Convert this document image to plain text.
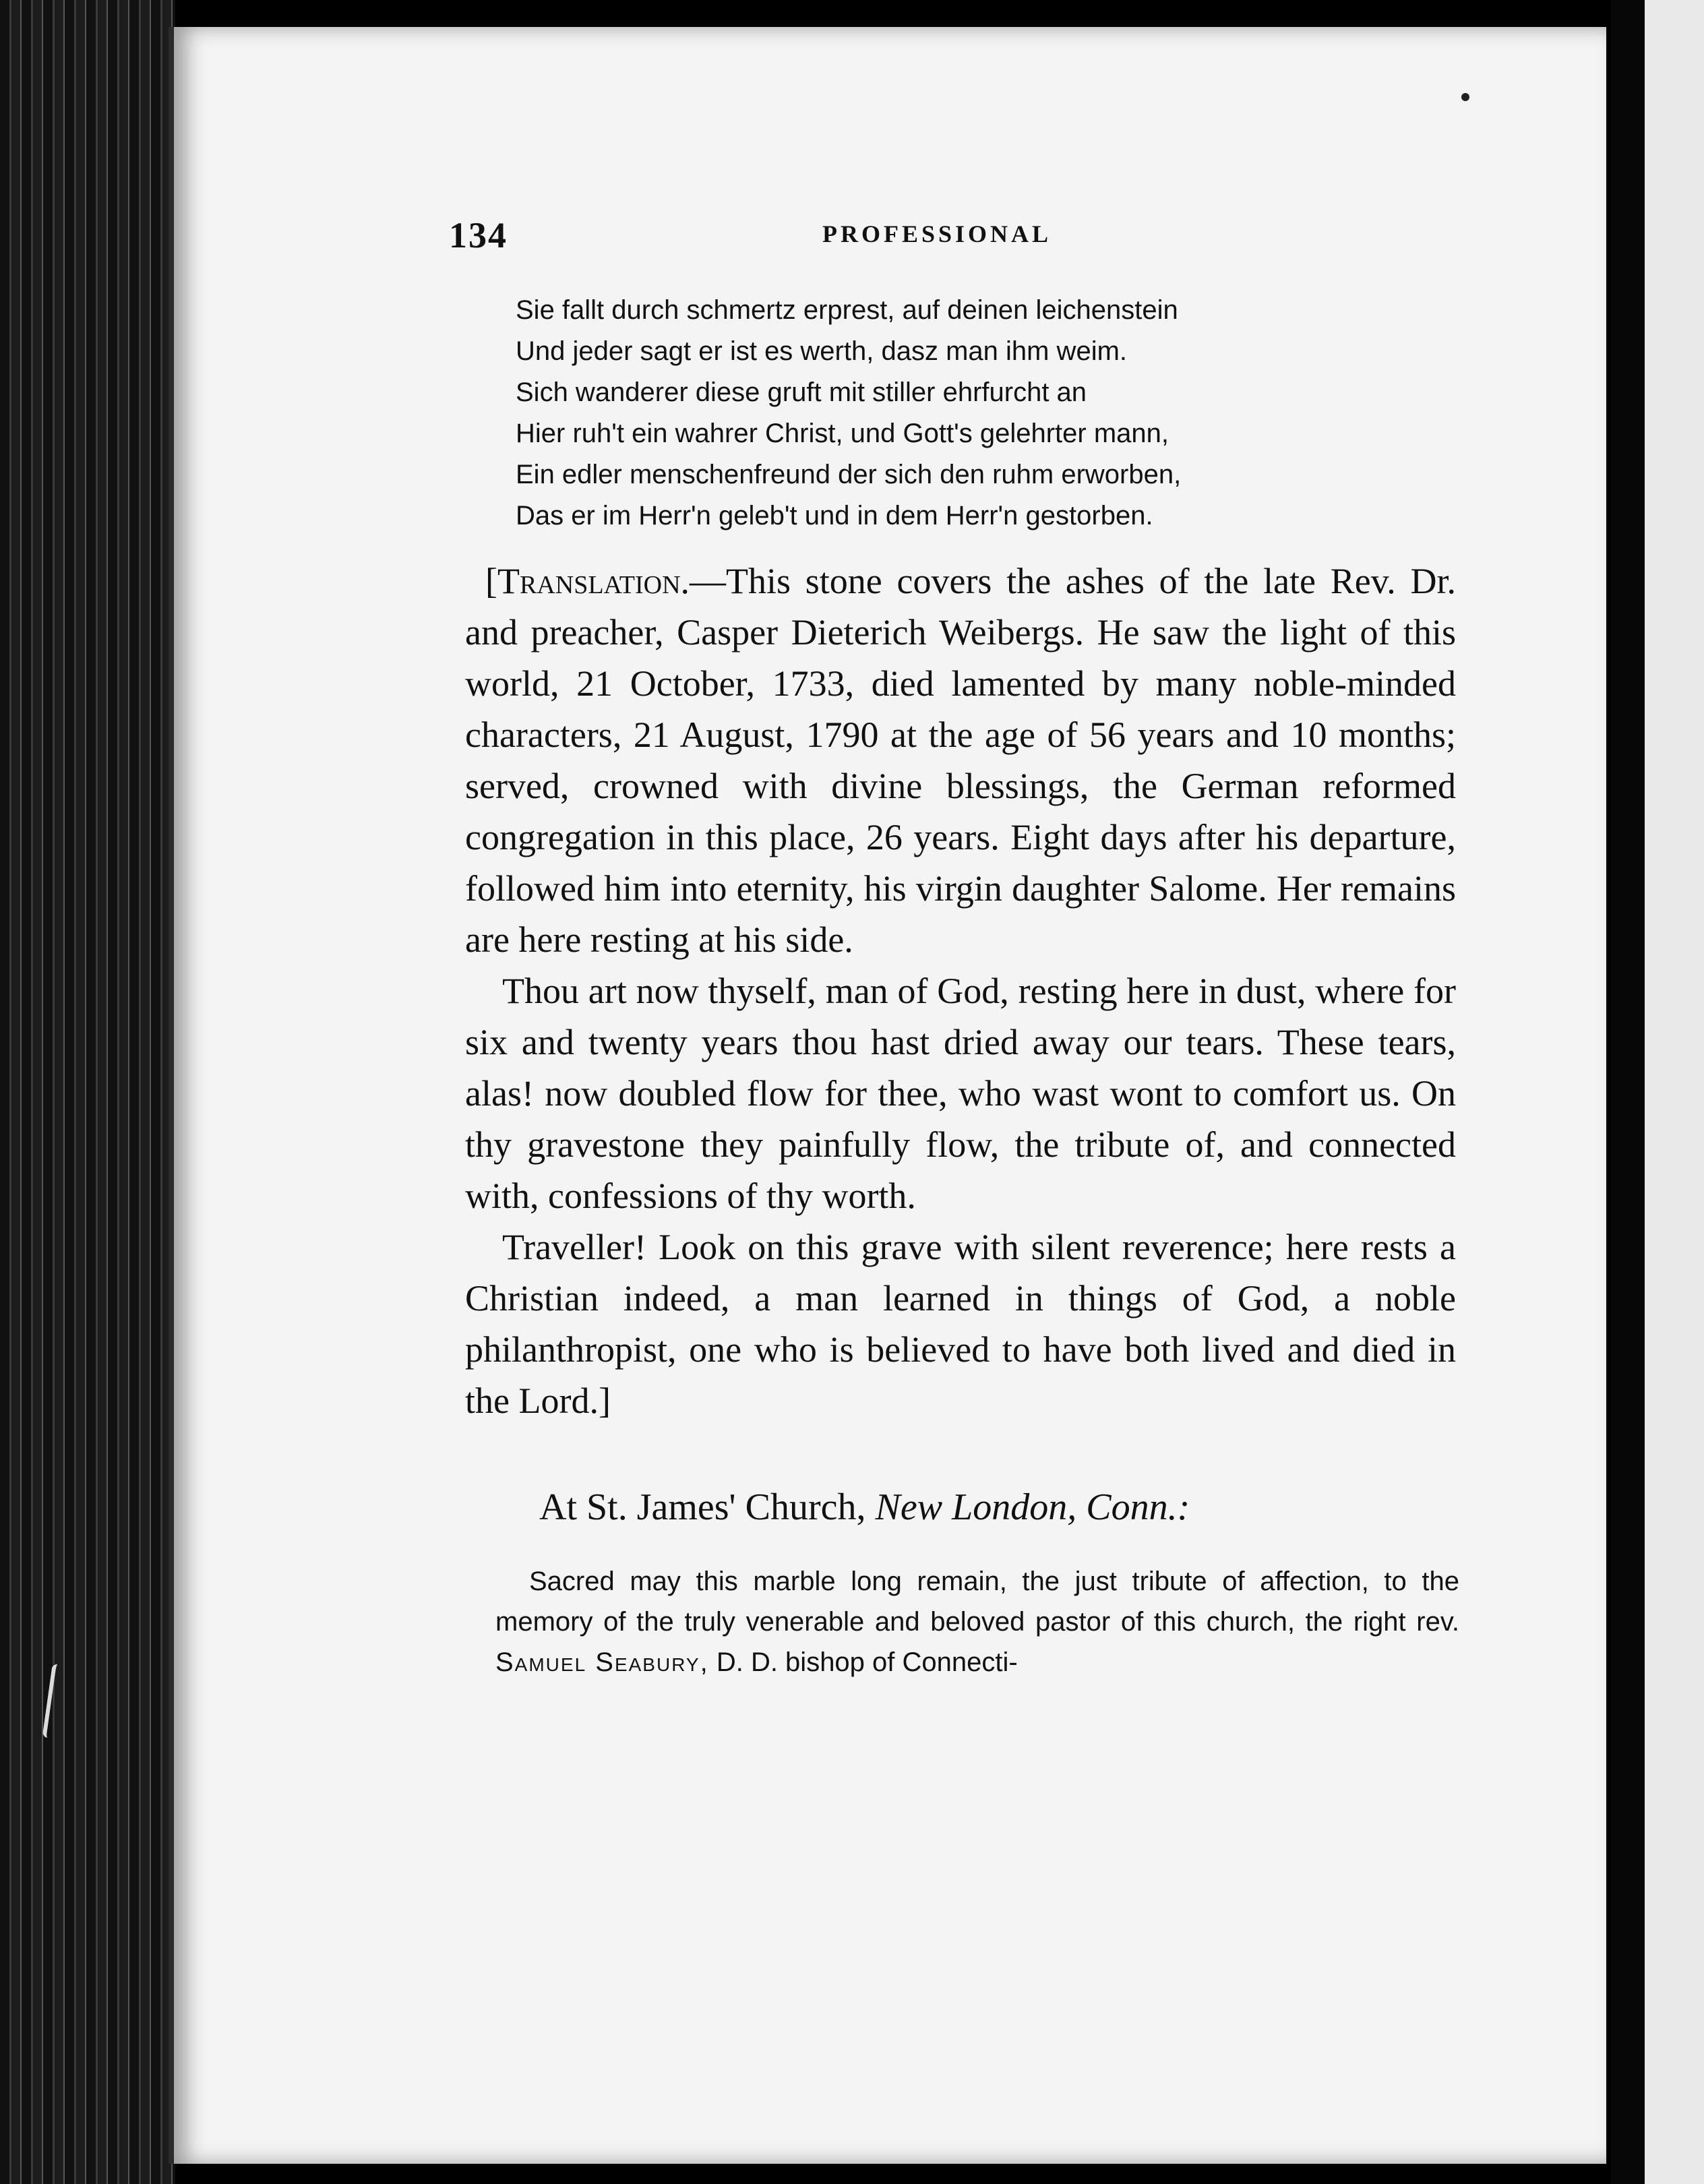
134	PROFESSIONAL
Sie fallt durch schmertz erprest, auf deinen leichenstein
Und jeder sagt er ist es werth, dasz man ihm weim.
Sich wanderer diese gruft mit stiller ehrfurcht an
Hier ruh't ein wahrer Christ, und Gott's gelehrter mann,
Ein edler menschenfreund der sich den ruhm erworben,
Das er im Herr'n geleb't und in dem Herr'n gestorben.

[Translation.—This stone covers the ashes of the late Rev. Dr. and preacher, Casper Dieterich Weibergs. He saw the light of this world, 21 October, 1733, died lamented by many noble-minded characters, 21 August, 1790 at the age of 56 years and 10 months; served, crowned with divine blessings, the German reformed congregation in this place, 26 years. Eight days after his departure, followed him into eternity, his virgin daughter Salome. Her remains are here resting at his side.

Thou art now thyself, man of God, resting here in dust, where for six and twenty years thou hast dried away our tears. These tears, alas! now doubled flow for thee, who wast wont to comfort us. On thy gravestone they painfully flow, the tribute of, and connected with, confessions of thy worth.

Traveller! Look on this grave with silent reverence; here rests a Christian indeed, a man learned in things of God, a noble philanthropist, one who is believed to have both lived and died in the Lord.]

At St. James' Church, New London, Conn.:

Sacred may this marble long remain, the just tribute of affection, to the memory of the truly venerable and beloved pastor of this church, the right rev. Samuel Seabury, D. D. bishop of Connecti-
